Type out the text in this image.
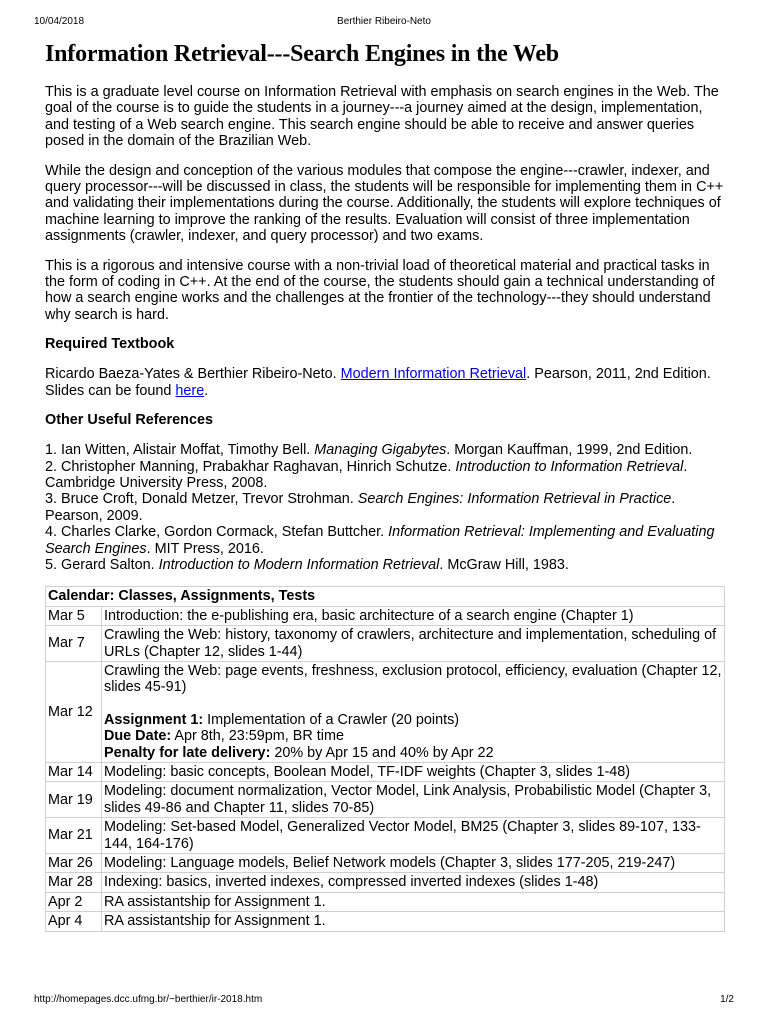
10/04/2018	Berthier Ribeiro-Neto
Information Retrieval---Search Engines in the Web

This is a graduate level course on Information Retrieval with emphasis on search engines in the Web. The goal of the course is to guide the students in a journey---a journey aimed at the design, implementation, and testing of a Web search engine. This search engine should be able to receive and answer queries posed in the domain of the Brazilian Web.

While the design and conception of the various modules that compose the engine---crawler, indexer, and query processor---will be discussed in class, the students will be responsible for implementing them in C++ and validating their implementations during the course. Additionally, the students will explore techniques of machine learning to improve the ranking of the results. Evaluation will consist of three implementation assignments (crawler, indexer, and query processor) and two exams.

This is a rigorous and intensive course with a non-trivial load of theoretical material and practical tasks in the form of coding in C++. At the end of the course, the students should gain a technical understanding of how a search engine works and the challenges at the frontier of the technology---they should understand why search is hard.

Required Textbook

Ricardo Baeza-Yates & Berthier Ribeiro-Neto. Modern Information Retrieval. Pearson, 2011, 2nd Edition.
Slides can be found here.

Other Useful References

1. Ian Witten, Alistair Moffat, Timothy Bell. Managing Gigabytes. Morgan Kauffman, 1999, 2nd Edition.
2. Christopher Manning, Prabakhar Raghavan, Hinrich Schutze. Introduction to Information Retrieval. Cambridge University Press, 2008.
3. Bruce Croft, Donald Metzer, Trevor Strohman. Search Engines: Information Retrieval in Practice. Pearson, 2009.
4. Charles Clarke, Gordon Cormack, Stefan Buttcher. Information Retrieval: Implementing and Evaluating Search Engines. MIT Press, 2016.
5. Gerard Salton. Introduction to Modern Information Retrieval. McGraw Hill, 1983.

Calendar: Classes, Assignments, Tests	
Mar 5	Introduction: the e-publishing era, basic architecture of a search engine (Chapter 1)
Mar 7	Crawling the Web: history, taxonomy of crawlers, architecture and implementation, scheduling of URLs (Chapter 12, slides 1-44)
Mar 12	Crawling the Web: page events, freshness, exclusion protocol, efficiency, evaluation (Chapter 12, slides 45-91)
Assignment 1: Implementation of a Crawler (20 points)
Due Date: Apr 8th, 23:59pm, BR time
Penalty for late delivery: 20% by Apr 15 and 40% by Apr 22
Mar 14	Modeling: basic concepts, Boolean Model, TF-IDF weights (Chapter 3, slides 1-48)
Mar 19	Modeling: document normalization, Vector Model, Link Analysis, Probabilistic Model (Chapter 3, slides 49-86 and Chapter 11, slides 70-85)
Mar 21	Modeling: Set-based Model, Generalized Vector Model, BM25 (Chapter 3, slides 89-107, 133-144, 164-176)
Mar 26	Modeling: Language models, Belief Network models (Chapter 3, slides 177-205, 219-247)
Mar 28	Indexing: basics, inverted indexes, compressed inverted indexes (slides 1-48)
Apr 2	RA assistantship for Assignment 1.
Apr 4	RA assistantship for Assignment 1.
http://homepages.dcc.ufmg.br/~berthier/ir-2018.htm	1/2
